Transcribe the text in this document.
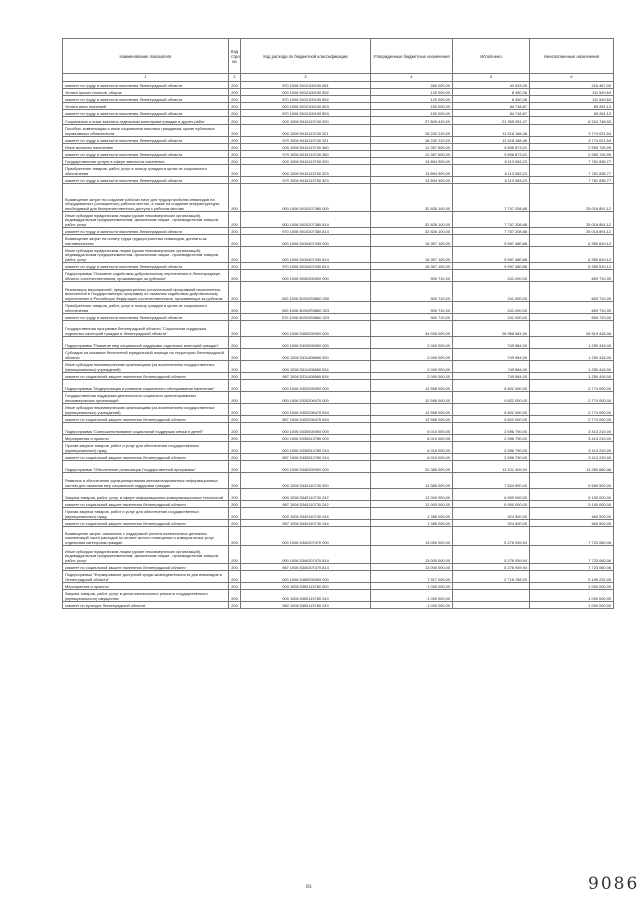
Наименование показателя	Код стро ки	Код расхода по бюджетной классификации	Утвержденные бюджетные назначения	Исполнено	Неисполненные назначения
1	2	3	4	5	6
комитет по труду и занятости населения Ленинградской области	200	970 1006 5010100100 851	260 000,00	43 533,00	216 467,00
Уплата прочих налогов, сборов	200	000 1006 5010100100 852	120 000,00	8 450,36	111 549,64
комитет по труду и занятости населения Ленинградской области	200	970 1006 5010100100 852	120 000,00	8 450,36	111 549,64
Уплата иных платежей	200	000 1006 5010100100 853	150 000,00	84 718,87	65 281,13
комитет по труду и занятости населения Ленинградской области	200	970 1006 5010100100 853	150 000,00	84 718,87	65 281,13
Социальные и иные выплаты отдельным категориям граждан и других работ	200	000 1006 5010113740 000	27 849 410,00	21 355 051,47	6 324 748,53
Пособия, компенсации и иные социальные выплаты гражданам, кроме публичных нормативных обязательств	200	000 1006 5010113740 321	16 242 210,00	11 518 188,48	3 774 021,54
комитет по труду и занятости населения Ленинградской области	200	970 1006 5010113740 321	16 242 210,00	11 518 188,46	3 774 021,54
Иные выплаты населению	200	000 1006 5010113740 360	12 357 600,00	9 806 873,01	2 550 726,99
комитет по труду и занятости населения Ленинградской области	200	970 1006 5010113740 360	12 357 600,00	9 806 873,01	2 550 726,99
Государственные услуги в сфере занятости населения	200	000 1006 5010113750 000	13 894 900,00	6 113 063,23	7 781 836,77
Приобретение товаров, работ, услуг в пользу граждан в целях их социального обеспечения	200	000 1006 5010113750 323	13 894 900,00	6 113 063,23	7 781 836,77
комитет по труду и занятости населения Ленинградской области	200	970 1006 5010113750 323	13 894 900,00	6 113 063,23	7 781 836,77
Возмещение затрат на создание рабочих мест для трудоустройства инвалидов на оборудованных (оснащенных) рабочих местах, а также на создание инфраструктуры, необходимой для беспрепятственного доступа к рабочим местам	200	000 1006 5010207380 000	32 826 100,00	7 757 208,88	25 018 891,12
Иные субсидии юридическим лицам (кроме некоммерческих организаций), индивидуальным предпринимателям, физическим лицам - производителям товаров, работ, услуг	200	000 1006 5010207380 814	32 826 100,00	7 757 208,88	25 018 891,12
комитет по труду и занятости населения Ленинградской области	200	970 1006 5010207380 814	32 826 100,00	7 757 208,88	25 018 891,12
Возмещение затрат на оплату труда трудоустроенных инвалидов, доплаты за наставничество	200	000 1006 5010407430 000	16 357 100,00	9 997 480,88	6 359 619,12
Иные субсидии юридическим лицам (кроме некоммерческих организаций), индивидуальным предпринимателям, физическим лицам - производителям товаров, работ, услуг	200	000 1006 5010407430 814	16 357 100,00	9 997 480,88	6 359 619,12
комитет по труду и занятости населения Ленинградской области	200	970 1006 5010407430 814	16 357 100,00	9 997 480,88	6 359 619,12
Подпрограмма "Оказание содействия добровольному переселению в Ленинградскую область соотечественников, проживающих за рубежом"	200	000 1006 5030000000 000	900 710,00	241 000,00	659 710,00
Реализация мероприятий, предусмотренных региональной программой переселения, включенной в Государственную программу по оказанию содействия добровольному переселению в Российскую Федерацию соотечественников, проживающих за рубежом	200	000 1006 50301R0860 000	900 710,00	241 000,00	659 710,00
Приобретение товаров, работ, услуг в пользу граждан в целях их социального обеспечения	200	000 1006 50301R0860 323	900 710,00	241 000,00	659 710,00
комитет по труду и занятости населения Ленинградской области	200	970 1006 50301R0860 323	900 710,00	241 000,00	659 710,00
Государственная программа Ленинградской области "Социальная поддержка отдельных категорий граждан в Ленинградской области"	200	000 1006 5300000000 000	34 935 000,00	26 968 581,94	26 919 418,06
Подпрограмма "Развитие мер социальной поддержки отдельных категорий граждан"	200	000 1006 5310000000 000	2 000 000,00	749 584,00	1 250 416,00
Субсидия на оказание бесплатной юридической помощи на территории Ленинградской области	200	000 1006 5311406860 000	2 000 000,00	749 584,00	1 250 416,00
Иные субсидии некоммерческим организациям (за исключением государственных (муниципальных) учреждений)	200	000 1006 5311406860 634	2 000 000,00	749 584,00	1 250 416,00
комитет по социальной защите населения Ленинградской области	200	987 1006 5311406860 634	2 000 000,00	749 584,00	1 250 416,00
Подпрограмма "Модернизация и развитие социального обслуживания населения"	200	000 1006 5320000000 000	12 596 000,00	9 822 000,00	2 774 000,00
Государственная поддержка деятельности социально ориентированных некоммерческих организаций	200	000 1006 5320206470 000	12 596 000,00	9 822 000,00	2 774 000,00
Иные субсидии некоммерческим организациям (за исключением государственных (муниципальных) учреждений)	200	000 1006 5320206470 634	12 596 000,00	9 822 000,00	2 774 000,00
комитет по социальной защите населения Ленинградской области	200	987 1006 5320206470 634	12 596 000,00	9 822 000,00	2 774 000,00
Подпрограмма "Совершенствование социальной поддержки семьи и детей"	200	000 1006 5330000000 000	6 010 000,00	2 596 790,00	3 413 210,00
Мероприятия и проекты	200	000 1006 5330513780 000	6 010 000,00	2 596 790,00	3 413 210,00
Прочая закупка товаров, работ и услуг для обеспечения государственных (муниципальных) нужд	200	000 1006 5330513780 244	6 010 000,00	2 596 790,00	3 413 210,00
комитет по социальной защите населения Ленинградской области	200	987 1006 5330513780 244	6 010 000,00	2 596 790,00	3 413 210,00
Подпрограмма "Обеспечение реализации Государственной программы"	200	000 1006 5340000000 000	20 385 000,00	13 101 409,94	13 280 660,46
Развитие и обеспечение функционирования автоматизированных информационных систем для оказания мер социальной поддержки граждан	200	000 1006 5340110730 000	13 385 000,00	7 824 500,00	5 560 500,00
Закупка товаров, работ, услуг в сфере информационно-коммуникационных технологий	200	000 1006 5340110730 242	12 000 000,00	6 900 000,00	5 100 000,00
комитет по социальной защите населения Ленинградской области	200	987 1006 5340110730 242	12 000 000,00	6 900 000,00	5 100 000,00
Прочая закупка товаров, работ и услуг для обеспечения государственных (муниципальных) нужд	200	000 1006 5340110730 244	1 385 000,00	924 500,00	460 500,00
комитет по социальной защите населения Ленинградской области	200	987 1006 5340110730 244	1 385 000,00	924 500,00	460 500,00
Возмещение затрат, связанных с поддержкой (почета ежемесячных денежных компенсаций части расходов по оплате жилого помещения и коммунальных услуг отдельным категориям граждан	200	000 1006 5340207470 000	13 000 000,00	5 276 939,94	7 723 060,06
Иные субсидии юридическим лицам (кроме некоммерческих организаций), индивидуальным предпринимателям, физическим лицам - производителям товаров, работ, услуг	200	000 1006 5340207470 814	13 000 000,00	5 276 939,94	7 723 060,06
комитет по социальной защите населения Ленинградской области	200	987 1006 5340207470 814	13 000 000,00	5 276 939,94	7 723 060,06
Подпрограмма "Формирование доступной среды жизнедеятельности для инвалидов в Ленинградской области"	200	000 1006 5350000000 000	7 917 000,00	2 716 768,00	5 199 232,00
Мероприятия и проекты	200	000 1006 5350113780 000	1 000 000,00		1 000 000,00
Закупка товаров, работ, услуг в целях капитального ремонта государственного (муниципального) имущества	200	000 1006 5350113780 243	1 000 000,00		1 000 000,00
комитет по культуре Ленинградской области	200	982 1006 5350113780 243	1 000 000,00		1 000 000,00
83	9086
